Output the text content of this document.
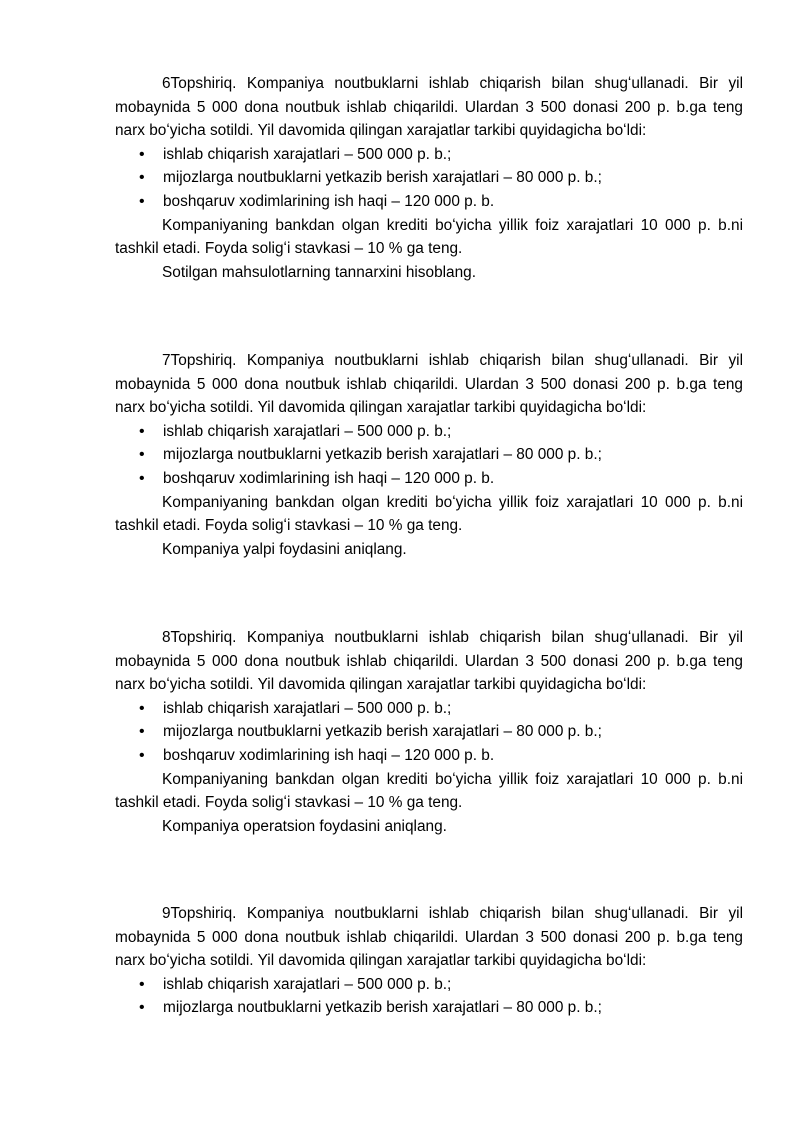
6Topshiriq. Kompaniya noutbuklarni ishlab chiqarish bilan shugʻullanadi. Bir yil mobaynida 5 000 dona noutbuk ishlab chiqarildi. Ulardan 3 500 donasi 200 p. b.ga teng narx boʻyicha sotildi. Yil davomida qilingan xarajatlar tarkibi quyidagicha boʻldi:

• ishlab chiqarish xarajatlari – 500 000 p. b.;
• mijozlarga noutbuklarni yetkazib berish xarajatlari – 80 000 p. b.;
• boshqaruv xodimlarining ish haqi – 120 000 p. b.

Kompaniyaning bankdan olgan krediti boʻyicha yillik foiz xarajatlari 10 000 p. b.ni tashkil etadi. Foyda soligʻi stavkasi – 10 % ga teng.

Sotilgan mahsulotlarning tannarxini hisoblang.

7Topshiriq. Kompaniya noutbuklarni ishlab chiqarish bilan shugʻullanadi. Bir yil mobaynida 5 000 dona noutbuk ishlab chiqarildi. Ulardan 3 500 donasi 200 p. b.ga teng narx boʻyicha sotildi. Yil davomida qilingan xarajatlar tarkibi quyidagicha boʻldi:

• ishlab chiqarish xarajatlari – 500 000 p. b.;
• mijozlarga noutbuklarni yetkazib berish xarajatlari – 80 000 p. b.;
• boshqaruv xodimlarining ish haqi – 120 000 p. b.

Kompaniyaning bankdan olgan krediti boʻyicha yillik foiz xarajatlari 10 000 p. b.ni tashkil etadi. Foyda soligʻi stavkasi – 10 % ga teng.

Kompaniya yalpi foydasini aniqlang.

8Topshiriq. Kompaniya noutbuklarni ishlab chiqarish bilan shugʻullanadi. Bir yil mobaynida 5 000 dona noutbuk ishlab chiqarildi. Ulardan 3 500 donasi 200 p. b.ga teng narx boʻyicha sotildi. Yil davomida qilingan xarajatlar tarkibi quyidagicha boʻldi:

• ishlab chiqarish xarajatlari – 500 000 p. b.;
• mijozlarga noutbuklarni yetkazib berish xarajatlari – 80 000 p. b.;
• boshqaruv xodimlarining ish haqi – 120 000 p. b.

Kompaniyaning bankdan olgan krediti boʻyicha yillik foiz xarajatlari 10 000 p. b.ni tashkil etadi. Foyda soligʻi stavkasi – 10 % ga teng.

Kompaniya operatsion foydasini aniqlang.

9Topshiriq. Kompaniya noutbuklarni ishlab chiqarish bilan shugʻullanadi. Bir yil mobaynida 5 000 dona noutbuk ishlab chiqarildi. Ulardan 3 500 donasi 200 p. b.ga teng narx boʻyicha sotildi. Yil davomida qilingan xarajatlar tarkibi quyidagicha boʻldi:

• ishlab chiqarish xarajatlari – 500 000 p. b.;
• mijozlarga noutbuklarni yetkazib berish xarajatlari – 80 000 p. b.;
